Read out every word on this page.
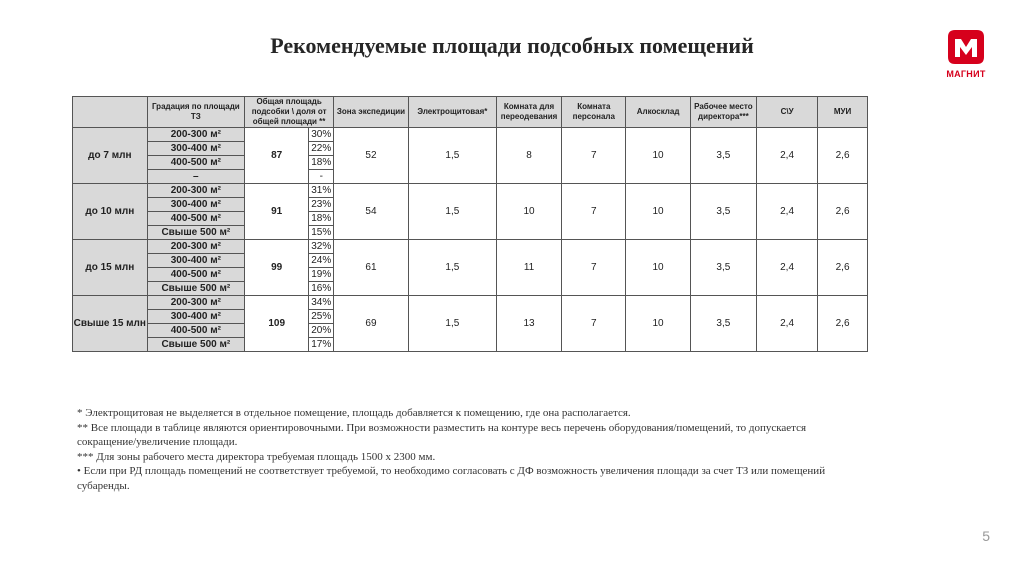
Рекомендуемые площади подсобных помещений
МАГНИТ
	Градация по площади ТЗ	Общая площадь подсобки \ доля от общей площади **		Зона экспедиции	Электрощитовая*	Комната для переодевания	Комната персонала	Алкосклад	Рабочее место директора***	С\У	МУИ
до 7 млн	200-300 м²	87	30%	52	1,5	8	7	10	3,5	2,4	2,6
	300-400 м²		22%								
	400-500 м²		18%								
	–		-								
до 10 млн	200-300 м²	91	31%	54	1,5	10	7	10	3,5	2,4	2,6
	300-400 м²		23%								
	400-500 м²		18%								
	Свыше 500 м²		15%								
до 15 млн	200-300 м²	99	32%	61	1,5	11	7	10	3,5	2,4	2,6
	300-400 м²		24%								
	400-500 м²		19%								
	Свыше 500 м²		16%								
Свыше 15 млн	200-300 м²	109	34%	69	1,5	13	7	10	3,5	2,4	2,6
	300-400 м²		25%								
	400-500 м²		20%								
	Свыше 500 м²		17%								

* Электрощитовая не выделяется в отдельное помещение, площадь добавляется к помещению, где она располагается.

** Все площади в таблице являются ориентировочными. При возможности разместить на контуре весь перечень оборудования/помещений, то допускается сокращение/увеличение площади.

*** Для зоны рабочего места директора требуемая площадь 1500 х 2300 мм.

• Если при РД площадь помещений не соответствует требуемой, то необходимо согласовать с ДФ возможность увеличения площади за счет ТЗ или помещений субаренды.

5
